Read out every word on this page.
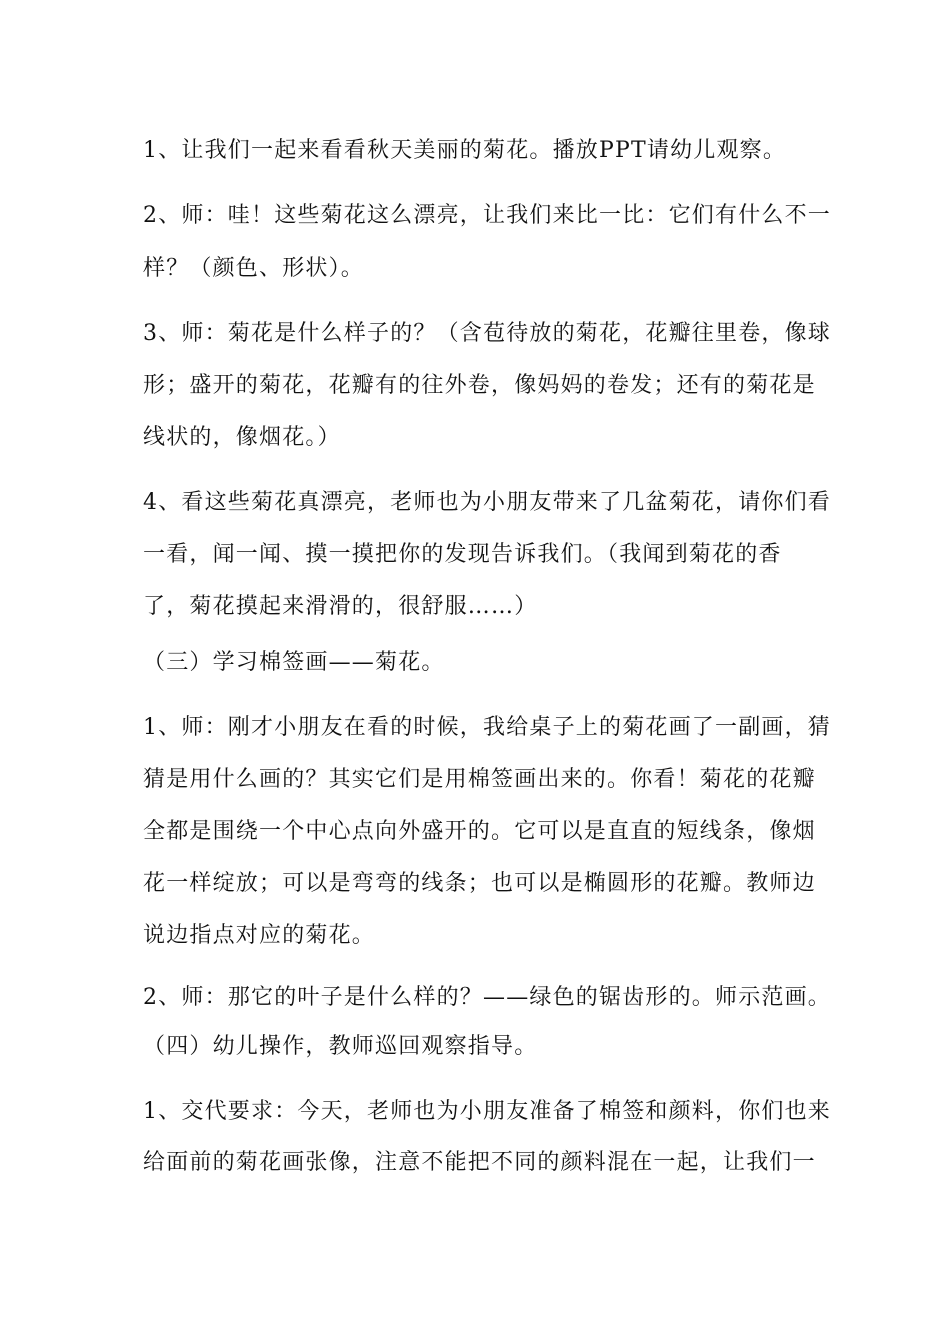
1、让我们一起来看看秋天美丽的菊花。播放PPT请幼儿观察。
2、师：哇！这些菊花这么漂亮，让我们来比一比：它们有什么不一
样？（颜色、形状）。
3、师：菊花是什么样子的？（含苞待放的菊花，花瓣往里卷，像球
形；盛开的菊花，花瓣有的往外卷，像妈妈的卷发；还有的菊花是
线状的，像烟花。）
4、看这些菊花真漂亮，老师也为小朋友带来了几盆菊花，请你们看
一看，闻一闻、摸一摸把你的发现告诉我们。（我闻到菊花的香
了，菊花摸起来滑滑的，很舒服……）
（三）学习棉签画——菊花。
1、师：刚才小朋友在看的时候，我给桌子上的菊花画了一副画，猜
猜是用什么画的？其实它们是用棉签画出来的。你看！菊花的花瓣
全都是围绕一个中心点向外盛开的。它可以是直直的短线条，像烟
花一样绽放；可以是弯弯的线条；也可以是椭圆形的花瓣。教师边
说边指点对应的菊花。
2、师：那它的叶子是什么样的？——绿色的锯齿形的。师示范画。
（四）幼儿操作，教师巡回观察指导。
1、交代要求：今天，老师也为小朋友准备了棉签和颜料，你们也来
给面前的菊花画张像，注意不能把不同的颜料混在一起，让我们一
